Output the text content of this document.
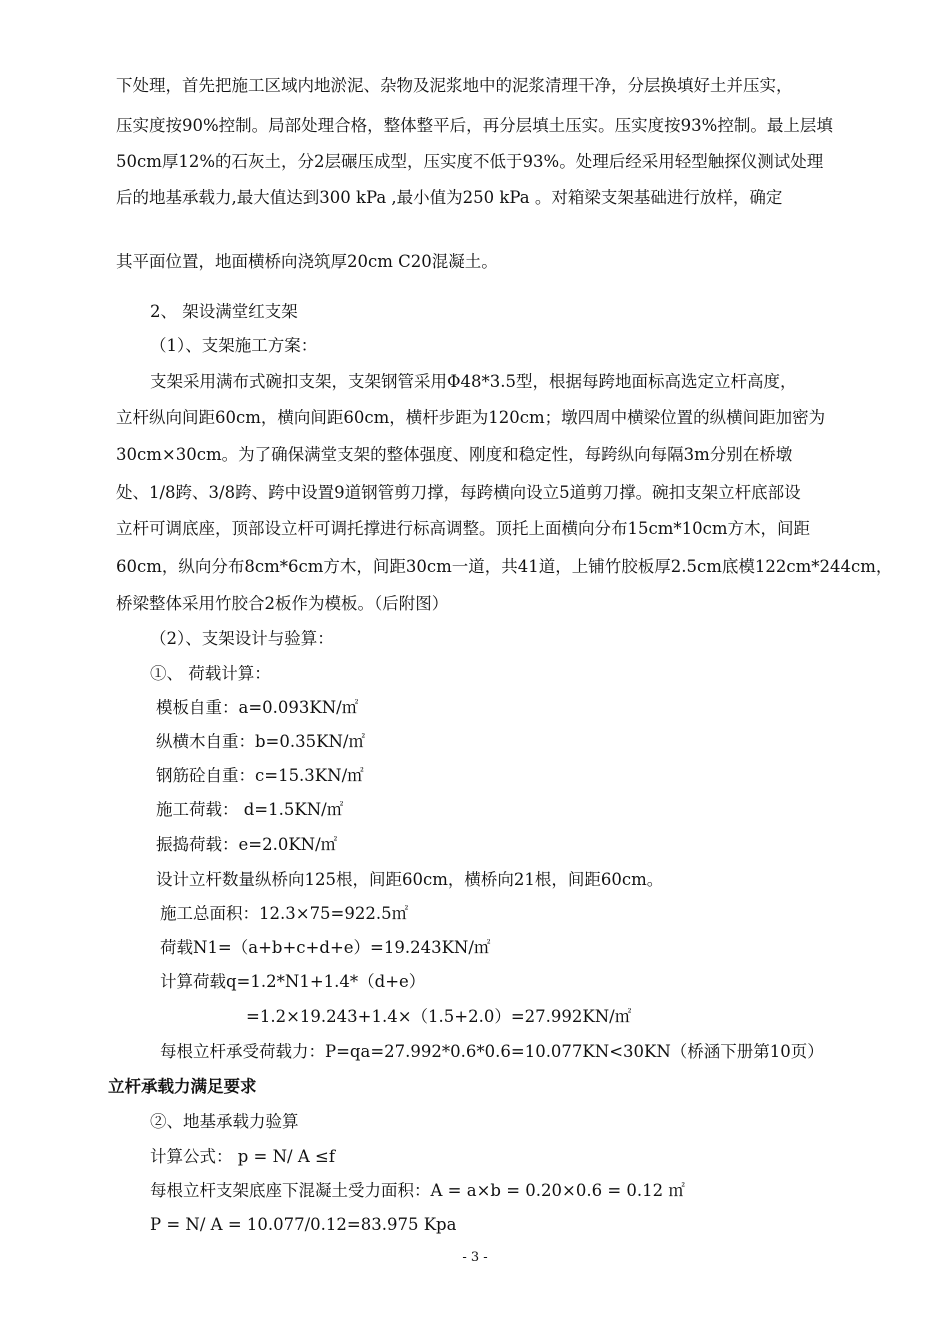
下处理，首先把施工区域内地淤泥、杂物及泥浆地中的泥浆清理干净，分层换填好土并压实，
压实度按90%控制。局部处理合格，整体整平后，再分层填土压实。压实度按93%控制。最上层填
50cm厚12%的石灰土，分2层碾压成型，压实度不低于93%。处理后经采用轻型触探仪测试处理
后的地基承载力,最大值达到300 kPa ,最小值为250 kPa 。对箱梁支架基础进行放样，确定
其平面位置，地面横桥向浇筑厚20cm C20混凝土。
2、 架设满堂红支架
（1）、支架施工方案：
支架采用满布式碗扣支架，支架钢管采用Φ48*3.5型，根据每跨地面标高选定立杆高度，
立杆纵向间距60cm，横向间距60cm，横杆步距为120cm；墩四周中横梁位置的纵横间距加密为
30cm×30cm。为了确保满堂支架的整体强度、刚度和稳定性，每跨纵向每隔3m分别在桥墩
处、1/8跨、3/8跨、跨中设置9道钢管剪刀撑，每跨横向设立5道剪刀撑。碗扣支架立杆底部设
立杆可调底座，顶部设立杆可调托撑进行标高调整。顶托上面横向分布15cm*10cm方木，间距
60cm，纵向分布8cm*6cm方木，间距30cm一道，共41道，上铺竹胶板厚2.5cm底模122cm*244cm，
桥梁整体采用竹胶合2板作为模板。（后附图）
（2）、支架设计与验算：
①、 荷载计算：
模板自重：a=0.093KN/㎡
纵横木自重：b=0.35KN/㎡
钢筋砼自重：c=15.3KN/㎡
施工荷载： d=1.5KN/㎡
振捣荷载：e=2.0KN/㎡
设计立杆数量纵桥向125根，间距60cm，横桥向21根，间距60cm。
施工总面积：12.3×75=922.5㎡
荷载N1=（a+b+c+d+e）=19.243KN/㎡
计算荷载q=1.2*N1+1.4*（d+e）
=1.2×19.243+1.4×（1.5+2.0）=27.992KN/㎡
每根立杆承受荷载力：P=qa=27.992*0.6*0.6=10.077KN<30KN（桥涵下册第10页）
立杆承载力满足要求
②、地基承载力验算
计算公式： p = N/ A ≤f
每根立杆支架底座下混凝土受力面积：A = a×b = 0.20×0.6 = 0.12 ㎡
P = N/ A = 10.077/0.12=83.975 Kpa
- 3 -
